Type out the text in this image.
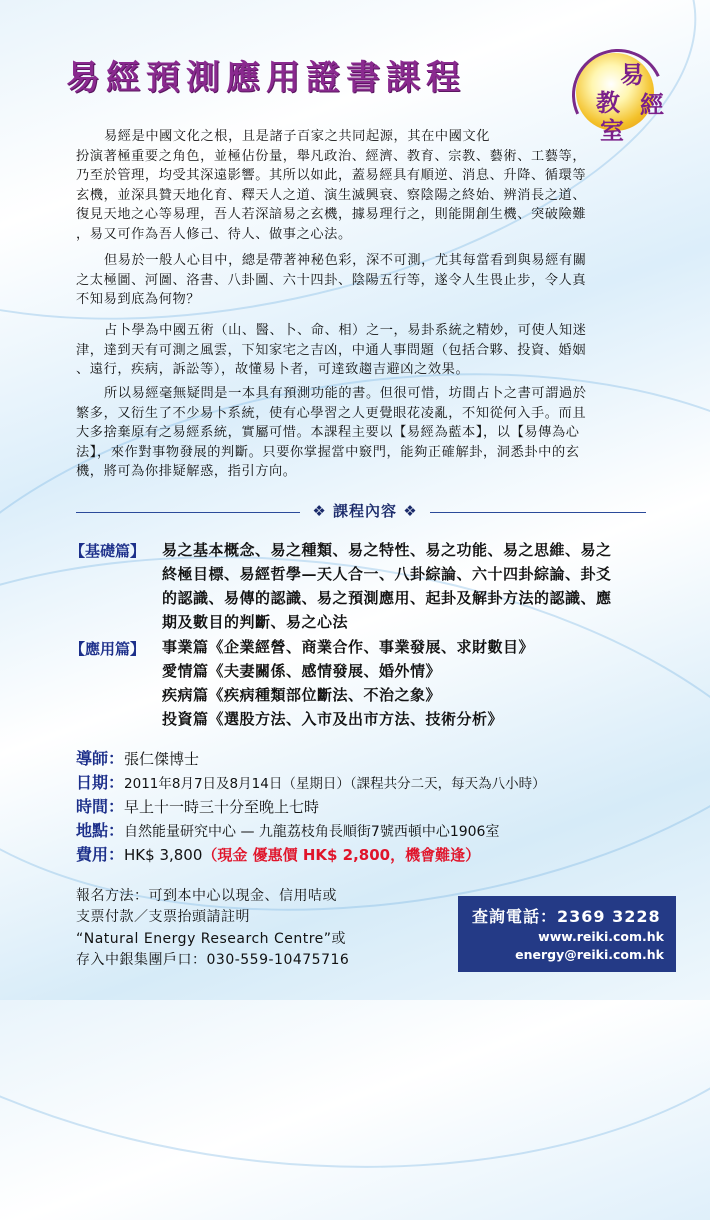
易經預測應用證書課程	易
經
教
室
易經是中國文化之根，且是諸子百家之共同起源，其在中國文化
扮演著極重要之角色，並極佔份量，舉凡政治、經濟、教育、宗教、藝術、工藝等，
乃至於管理，均受其深遠影響。其所以如此，蓋易經具有順逆、消息、升降、循環等
玄機，並深具贊天地化育、釋天人之道、演生滅興衰、察陰陽之終始、辨消長之道、
復見天地之心等易理，吾人若深諳易之玄機，據易理行之，則能開創生機、突破險難
，易又可作為吾人修己、待人、做事之心法。
但易於一般人心目中，總是帶著神秘色彩，深不可測，尤其每當看到與易經有關
之太極圖、河圖、洛書、八卦圖、六十四卦、陰陽五行等，遂令人生畏止步，令人真
不知易到底為何物？
占卜學為中國五術（山、醫、卜、命、相）之一，易卦系統之精妙，可使人知迷
津，達到天有可測之風雲，下知家宅之吉凶，中通人事問題（包括合夥、投資、婚姻
、遠行，疾病，訴訟等），故懂易卜者，可達致趨吉避凶之效果。
所以易經毫無疑問是一本具有預測功能的書。但很可惜，坊間占卜之書可謂過於
繁多，又衍生了不少易卜系統，使有心學習之人更覺眼花凌亂，不知從何入手。而且
大多捨棄原有之易經系統，實屬可惜。本課程主要以【易經為藍本】，以【易傳為心
法】，來作對事物發展的判斷。只要你掌握當中竅門，能夠正確解卦，洞悉卦中的玄
機，將可為你排疑解惑，指引方向。
❖ 課程內容 ❖
【基礎篇】 易之基本概念、易之種類、易之特性、易之功能、易之思維、易之
終極目標、易經哲學—天人合一、八卦綜論、六十四卦綜論、卦爻
的認識、易傳的認識、易之預測應用、起卦及解卦方法的認識、應
期及數目的判斷、易之心法
【應用篇】 事業篇《企業經營、商業合作、事業發展、求財數目》
愛情篇《夫妻關係、感情發展、婚外情》
疾病篇《疾病種類部位斷法、不治之象》
投資篇《選股方法、入市及出市方法、技術分析》
導師：張仁傑博士
日期：2011年8月7日及8月14日（星期日）（課程共分二天，每天為八小時）
時間：早上十一時三十分至晚上七時
地點：自然能量研究中心 — 九龍荔枝角長順街7號西頓中心1906室
費用：HK$ 3,800（現金 優惠價 HK$ 2,800，機會難逢）
報名方法：可到本中心以現金、信用咭或
支票付款／支票抬頭請註明
“Natural Energy Research Centre”或
存入中銀集團戶口：030-559-10475716
查詢電話：2369 3228
www.reiki.com.hk
energy@reiki.com.hk
